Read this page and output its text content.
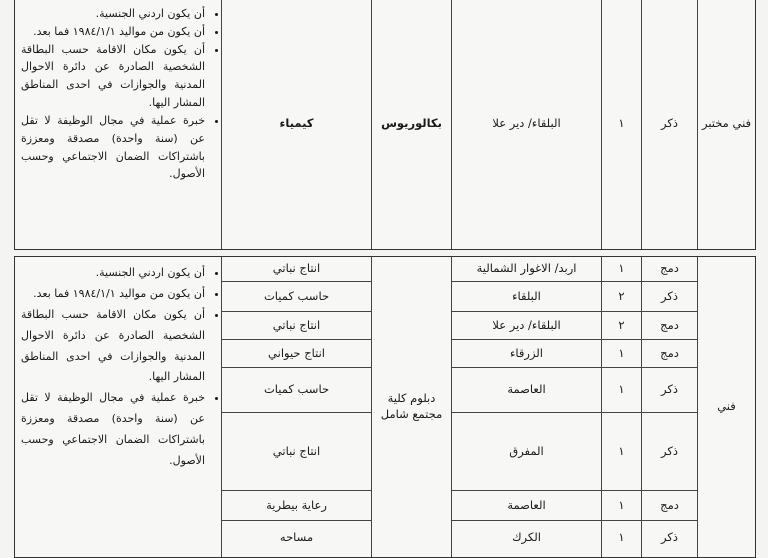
فني مختبر
ذكر
١
البلقاء/ دير علا
بكالوريوس
كيمياء
• أن يكون اردني الجنسية.
• أن يكون من مواليد ١٩٨٤/١/١ فما بعد.
• أن يكون مكان الاقامة حسب البطاقة الشخصية الصادرة عن دائرة الاحوال المدنية والجوازات في احدى المناطق المشار اليها.
• خبرة عملية في مجال الوظيفة لا تقل عن (سنة واحدة) مصدقة ومعززة باشتراكات الضمان الاجتماعي وحسب الأصول.
فني
دمج
ذكر
دمج
دمج
ذكر
ذكر
دمج
ذكر
١
٢
٢
١
١
١
١
١
اربد/ الاغوار الشمالية
البلقاء
البلقاء/ دير علا
الزرقاء
العاصمة
المفرق
العاصمة
الكرك
دبلوم كلية مجتمع شامل
انتاج نباتي
حاسب كميات
انتاج نباتي
انتاج حيواني
حاسب كميات
انتاج نباتي
رعاية بيطرية
مساحه
• أن يكون اردني الجنسية.
• أن يكون من مواليد ١٩٨٤/١/١ فما بعد.
• أن يكون مكان الاقامة حسب البطاقة الشخصية الصادرة عن دائرة الاحوال المدنية والجوازات في احدى المناطق المشار اليها.
• خبرة عملية في مجال الوظيفة لا تقل عن (سنة واحدة) مصدقة ومعززة باشتراكات الضمان الاجتماعي وحسب الأصول.
